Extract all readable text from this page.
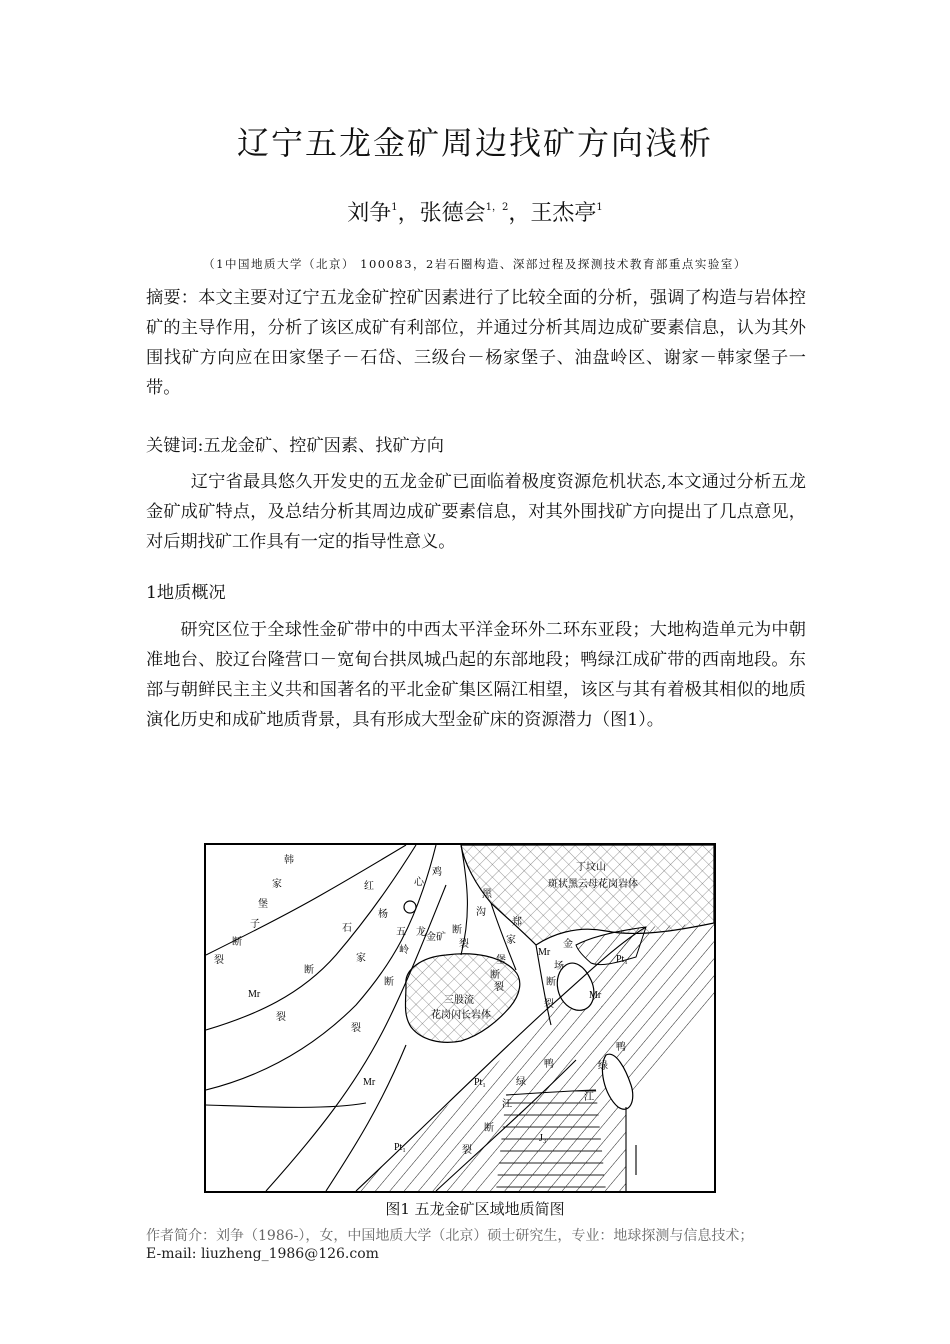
辽宁五龙金矿周边找矿方向浅析
刘争$^1$，张德会$^{1,2}$，王杰亭$^1$
（1中国地质大学（北京） 100083，2岩石圈构造、深部过程及探测技术教育部重点实验室）

摘要：本文主要对辽宁五龙金矿控矿因素进行了比较全面的分析，强调了构造与岩体控矿的主导作用，分析了该区成矿有利部位，并通过分析其周边成矿要素信息，认为其外围找矿方向应在田家堡子－石岱、三级台－杨家堡子、油盘岭区、谢家－韩家堡子一带。

关键词:五龙金矿、控矿因素、找矿方向

辽宁省最具悠久开发史的五龙金矿已面临着极度资源危机状态,本文通过分析五龙金矿成矿特点，及总结分析其周边成矿要素信息，对其外围找矿方向提出了几点意见，对后期找矿工作具有一定的指导性意义。

1地质概况

研究区位于全球性金矿带中的中西太平洋金环外二环东亚段；大地构造单元为中朝准地台、胶辽台隆营口－宽甸台拱凤城凸起的东部地段；鸭绿江成矿带的西南地段。东部与朝鲜民主主义共和国著名的平北金矿集区隔江相望，该区与其有着极其相似的地质演化历史和成矿地质背景，具有形成大型金矿床的资源潜力（图1）。

丁坟山
斑状黑云母花岗岩体
三股流
花岗闪长岩体
金矿
Mr
Mr
Mr
Mr
Pt₁
Pt₁
Pt₁
J₃
韩
家
堡
子
断
裂
红
石
家
断
裂
杨
心
五 龙
岭
断
裂
鸡
黑
沟
断
裂
郑
家
堡
断
裂
金
场
断
裂
鸭
绿
江
断
裂
鸭
绿
江
图1 五龙金矿区域地质简图
作者简介：刘争（1986-），女，中国地质大学（北京）硕士研究生，专业：地球探测与信息技术；
E-mail: liuzheng_1986@126.com
